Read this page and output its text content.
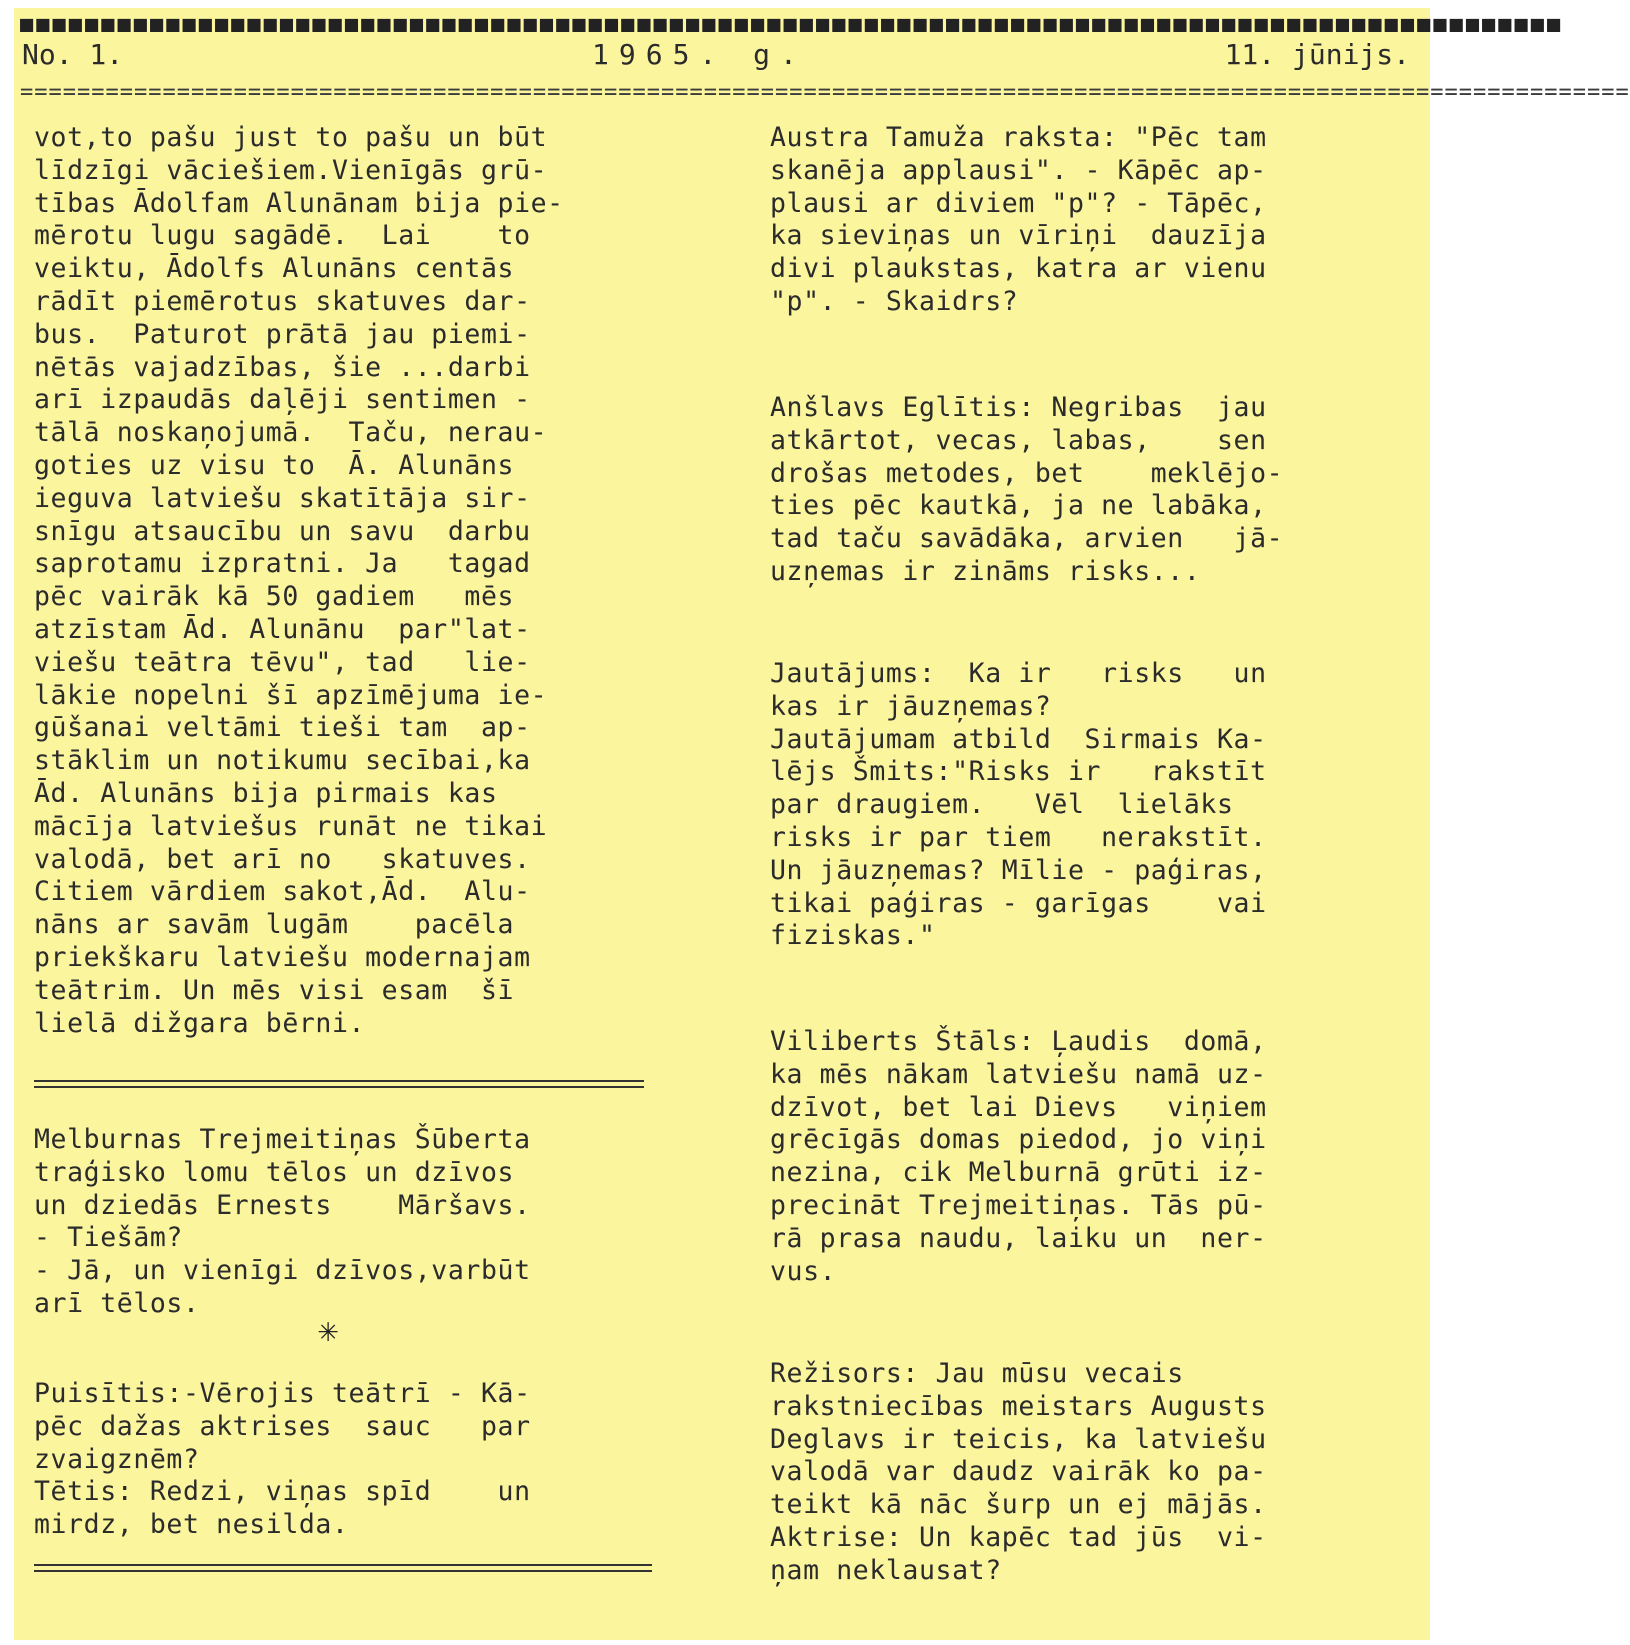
■■■■■■■■■■■■■■■■■■■■■■■■■■■■■■■■■■■■■■■■■■■■■■■■■■■■■■■■■■■■■■■■■■■■■■■■■■■■■■■■■■■■■■■■■■■■■■■
No. 1.	1965. g.	11. jūnijs.
=================================================================================================================
vot,to pašu just to pašu un būt
līdzīgi vāciešiem.Vienīgās grū-
tības Ādolfam Alunānam bija pie-
mērotu lugu sagādē.  Lai    to
veiktu, Ādolfs Alunāns centās
rādīt piemērotus skatuves dar-
bus.  Paturot prātā jau piemi-
nētās vajadzības, šie ...darbi
arī izpaudās daļēji sentimen -
tālā noskaņojumā.  Taču, nerau-
goties uz visu to  Ā. Alunāns
ieguva latviešu skatītāja sir-
snīgu atsaucību un savu  darbu
saprotamu izpratni. Ja   tagad
pēc vairāk kā 50 gadiem   mēs
atzīstam Ād. Alunānu  par"lat-
viešu teātra tēvu", tad   lie-
lākie nopelni šī apzīmējuma ie-
gūšanai veltāmi tieši tam  ap-
stāklim un notikumu secībai,ka
Ād. Alunāns bija pirmais kas
mācīja latviešus runāt ne tikai
valodā, bet arī no   skatuves.
Citiem vārdiem sakot,Ād.  Alu-
nāns ar savām lugām    pacēla
priekškaru latviešu modernajam
teātrim. Un mēs visi esam  šī
lielā dižgara bērni.
Melburnas Trejmeitiņas Šūberta
traģisko lomu tēlos un dzīvos
un dziedās Ernests    Māršavs.
- Tiešām?
- Jā, un vienīgi dzīvos,varbūt
arī tēlos.
✳
Puisītis:-Vērojis teātrī - Kā-
pēc dažas aktrises  sauc   par
zvaigznēm?
Tētis: Redzi, viņas spīd    un
mirdz, bet nesilda.
Austra Tamuža raksta: "Pēc tam
skanēja applausi". - Kāpēc ap-
plausi ar diviem "p"? - Tāpēc,
ka sieviņas un vīriņi  dauzīja
divi plaukstas, katra ar vienu
"p". - Skaidrs?
Anšlavs Eglītis: Negribas  jau
atkārtot, vecas, labas,    sen
drošas metodes, bet    meklējo-
ties pēc kautkā, ja ne labāka,
tad taču savādāka, arvien   jā-
uzņemas ir zināms risks...
Jautājums:  Ka ir   risks   un
kas ir jāuzņemas?
Jautājumam atbild  Sirmais Ka-
lējs Šmits:"Risks ir   rakstīt
par draugiem.   Vēl  lielāks
risks ir par tiem   nerakstīt.
Un jāuzņemas? Mīlie - paģiras,
tikai paģiras - garīgas    vai
fiziskas."
Viliberts Štāls: Ļaudis  domā,
ka mēs nākam latviešu namā uz-
dzīvot, bet lai Dievs   viņiem
grēcīgās domas piedod, jo viņi
nezina, cik Melburnā grūti iz-
precināt Trejmeitiņas. Tās pū-
rā prasa naudu, laiku un  ner-
vus.
Režisors: Jau mūsu vecais
rakstniecības meistars Augusts
Deglavs ir teicis, ka latviešu
valodā var daudz vairāk ko pa-
teikt kā nāc šurp un ej mājās.
Aktrise: Un kapēc tad jūs  vi-
ņam neklausat?
